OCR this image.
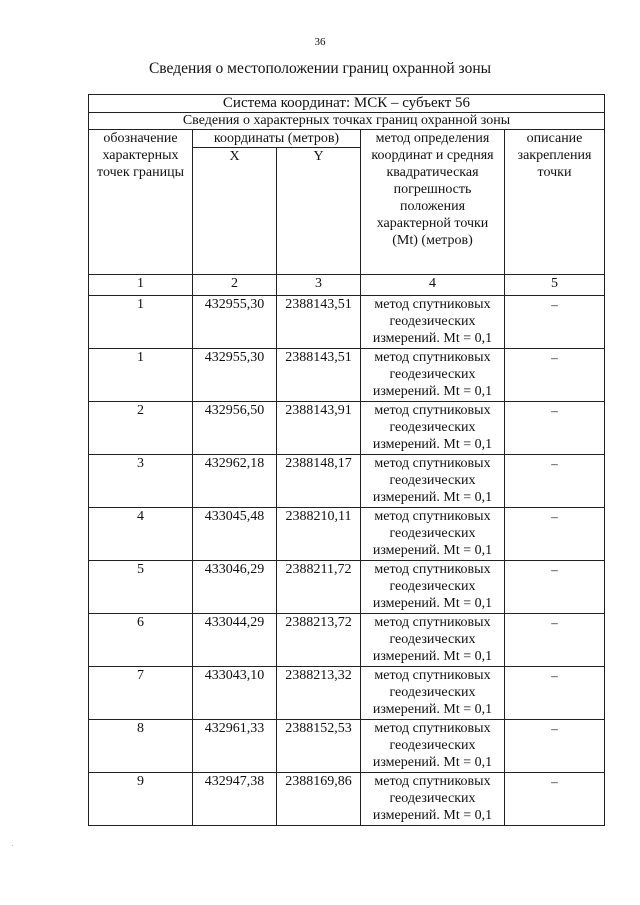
36
Сведения о местоположении границ охранной зоны
Система координат: МСК – субъект 56				
Сведения о характерных точках границ охранной зоны				
обозначение характерных точек границы	координаты (метров)		метод определения координат и средняя квадратическая погрешность положения характерной точки (Mt) (метров)	описание закрепления точки
	X	Y		
1	2	3	4	5
1	432955,30	2388143,51	метод спутниковых геодезических измерений. Mt = 0,1	–
1	432955,30	2388143,51	метод спутниковых геодезических измерений. Mt = 0,1	–
2	432956,50	2388143,91	метод спутниковых геодезических измерений. Mt = 0,1	–
3	432962,18	2388148,17	метод спутниковых геодезических измерений. Mt = 0,1	–
4	433045,48	2388210,11	метод спутниковых геодезических измерений. Mt = 0,1	–
5	433046,29	2388211,72	метод спутниковых геодезических измерений. Mt = 0,1	–
6	433044,29	2388213,72	метод спутниковых геодезических измерений. Mt = 0,1	–
7	433043,10	2388213,32	метод спутниковых геодезических измерений. Mt = 0,1	–
8	432961,33	2388152,53	метод спутниковых геодезических измерений. Mt = 0,1	–
9	432947,38	2388169,86	метод спутниковых геодезических измерений. Mt = 0,1	–
